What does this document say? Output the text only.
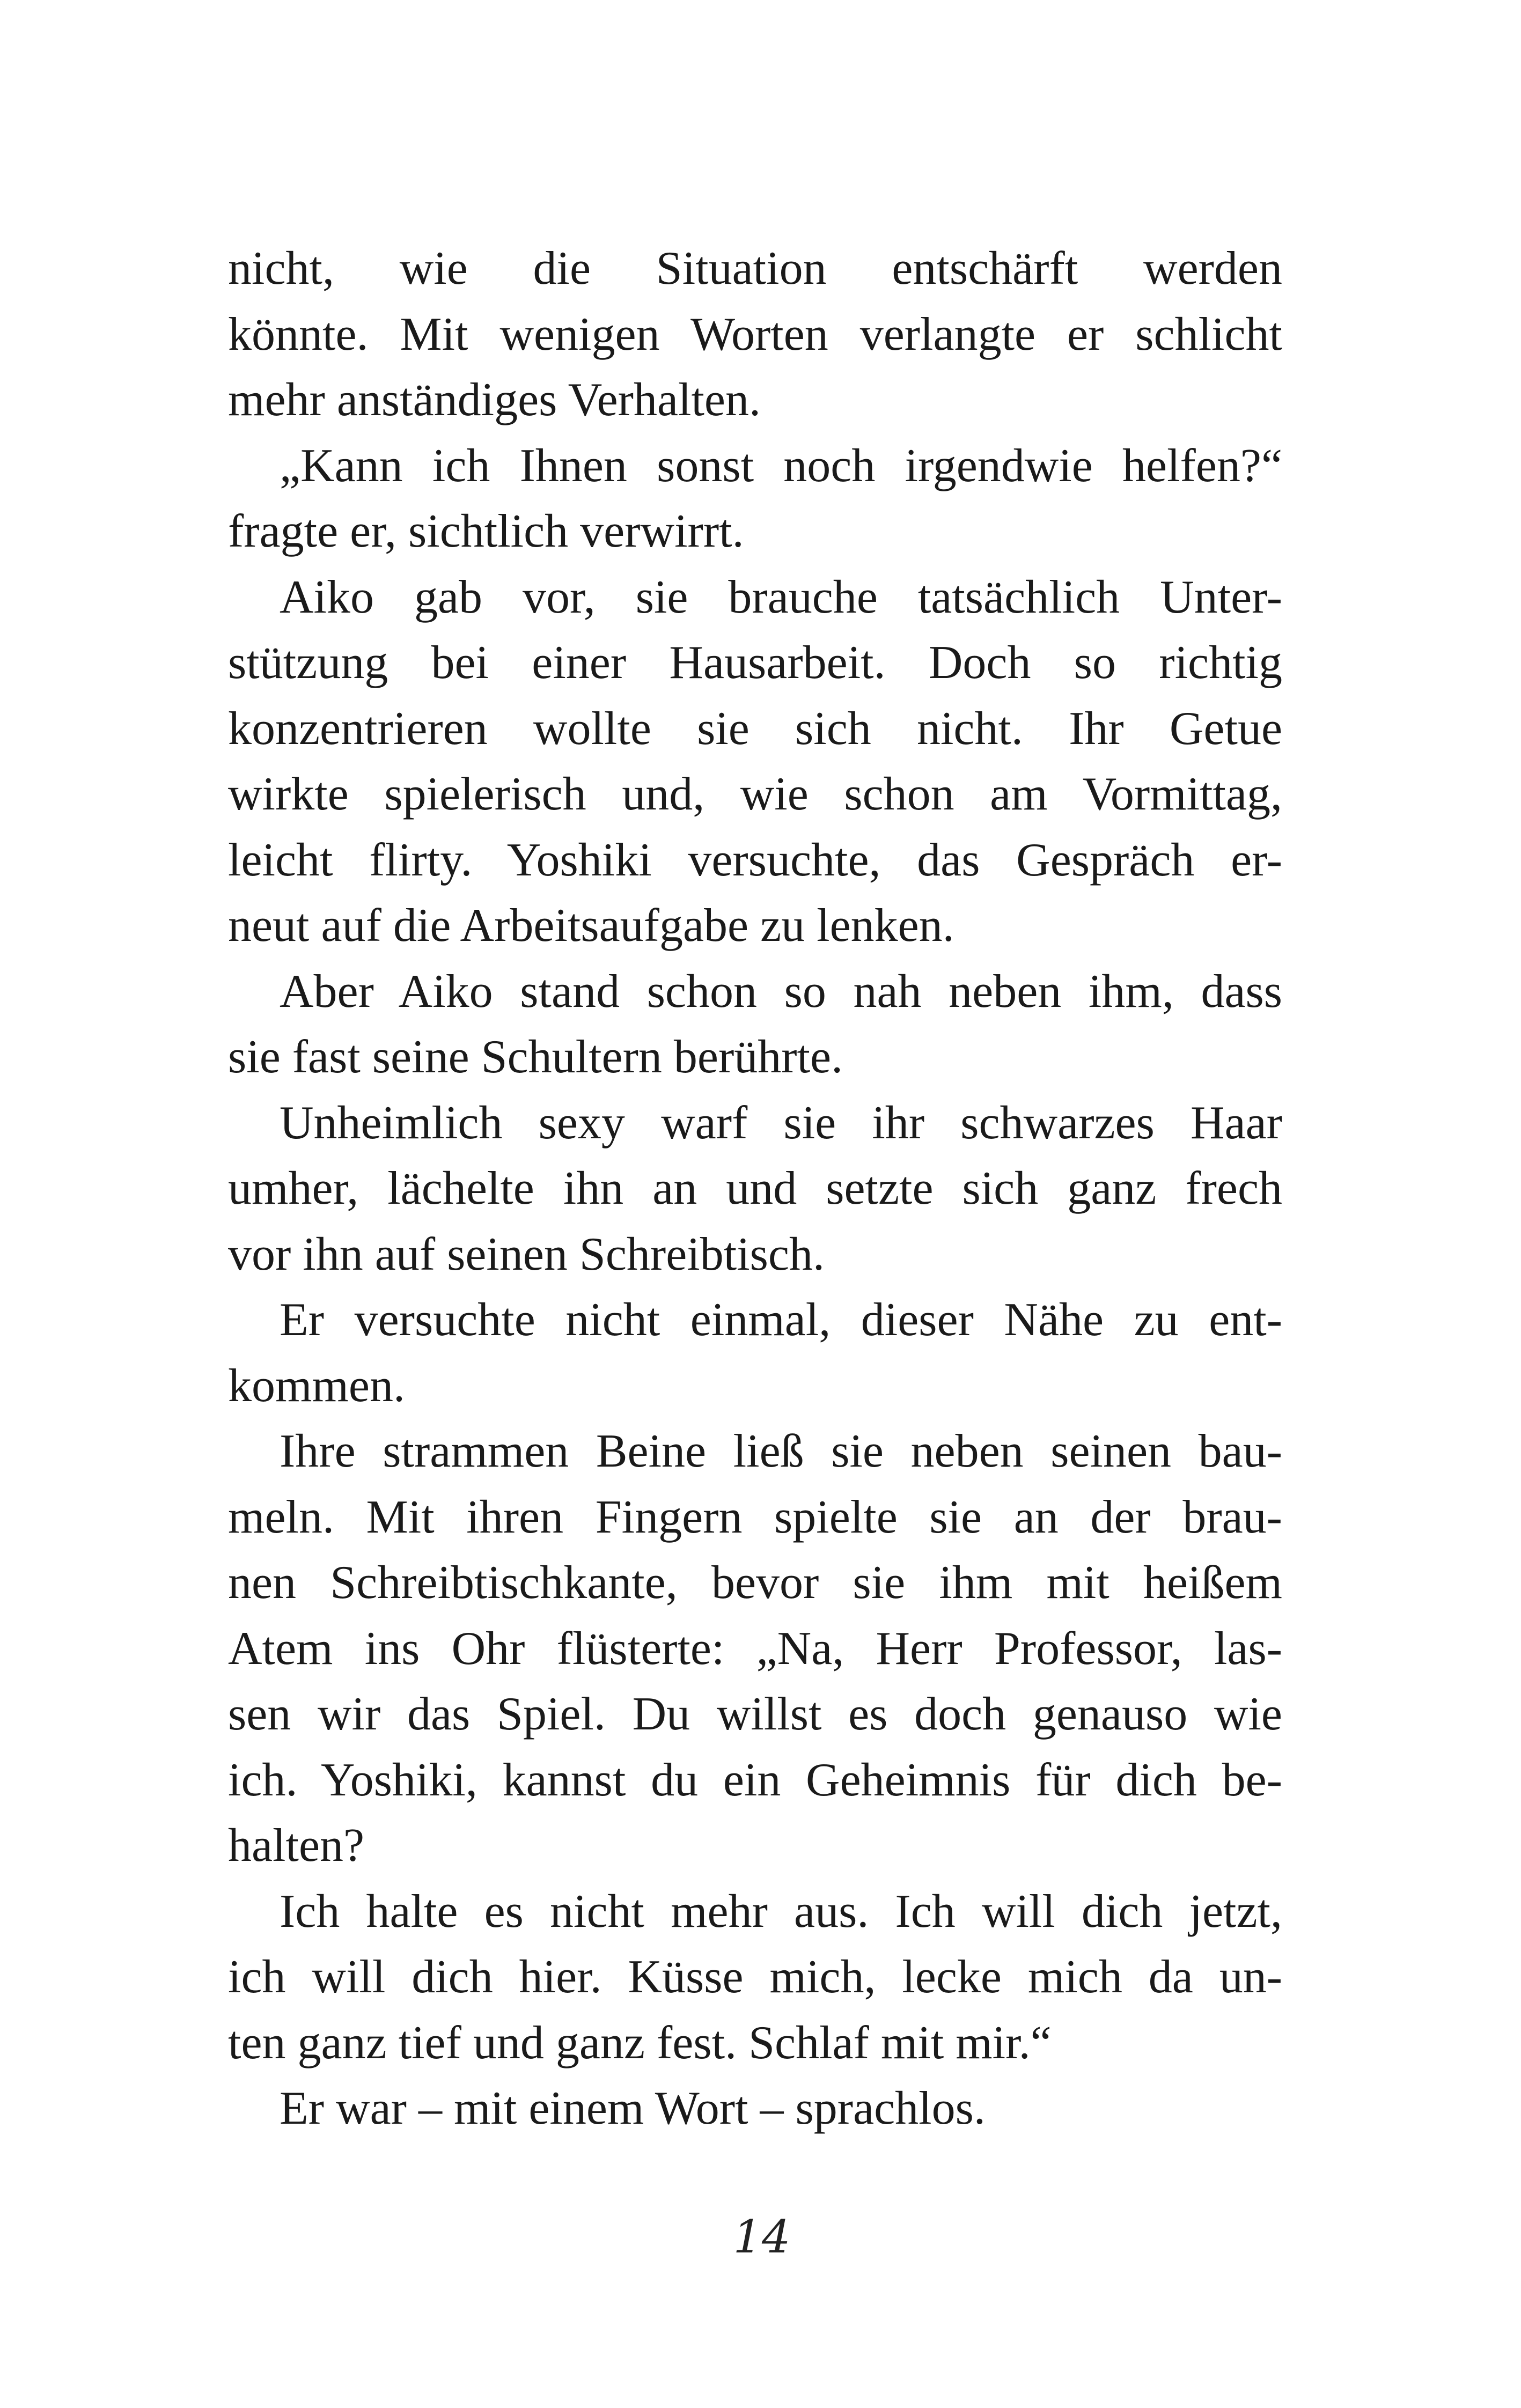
nicht, wie die Situation entschärft werden
könnte. Mit wenigen Worten verlangte er schlicht
mehr anständiges Verhalten.
„Kann ich Ihnen sonst noch irgendwie helfen?“
fragte er, sichtlich verwirrt.
Aiko gab vor, sie brauche tatsächlich Unter-
stützung bei einer Hausarbeit. Doch so richtig
konzentrieren wollte sie sich nicht. Ihr Getue
wirkte spielerisch und, wie schon am Vormittag,
leicht flirty. Yoshiki versuchte, das Gespräch er-
neut auf die Arbeitsaufgabe zu lenken.
Aber Aiko stand schon so nah neben ihm, dass
sie fast seine Schultern berührte.
Unheimlich sexy warf sie ihr schwarzes Haar
umher, lächelte ihn an und setzte sich ganz frech
vor ihn auf seinen Schreibtisch.
Er versuchte nicht einmal, dieser Nähe zu ent-
kommen.
Ihre strammen Beine ließ sie neben seinen bau-
meln. Mit ihren Fingern spielte sie an der brau-
nen Schreibtischkante, bevor sie ihm mit heißem
Atem ins Ohr flüsterte: „Na, Herr Professor, las-
sen wir das Spiel. Du willst es doch genauso wie
ich. Yoshiki, kannst du ein Geheimnis für dich be-
halten?
Ich halte es nicht mehr aus. Ich will dich jetzt,
ich will dich hier. Küsse mich, lecke mich da un-
ten ganz tief und ganz fest. Schlaf mit mir.“
Er war – mit einem Wort – sprachlos.
14
